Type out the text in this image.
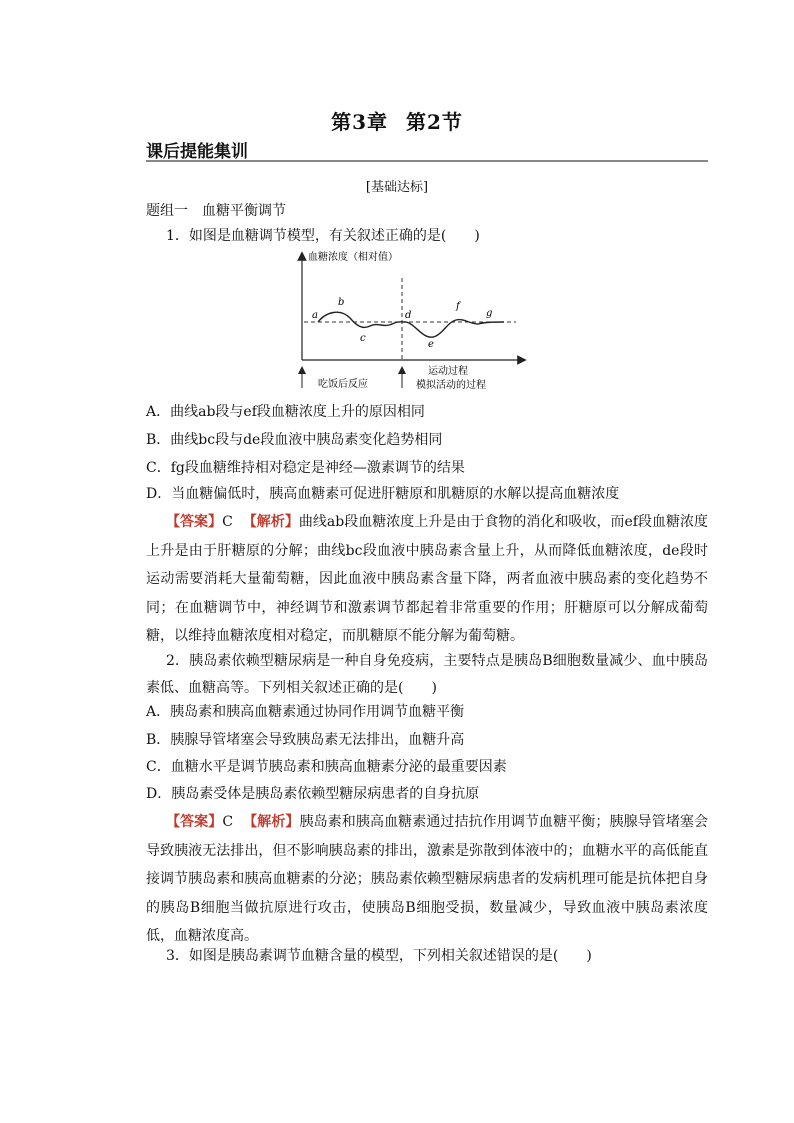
第3章 第2节
课后提能集训
[基础达标]
题组一 血糖平衡调节
1．如图是血糖调节模型，有关叙述正确的是(　　)
血糖浓度（相对值）
a
b
c
d
e
f
g
吃饭后反应
运动过程
模拟活动的过程
A．曲线ab段与ef段血糖浓度上升的原因相同
B．曲线bc段与de段血液中胰岛素变化趋势相同
C．fg段血糖维持相对稳定是神经—激素调节的结果
D．当血糖偏低时，胰高血糖素可促进肝糖原和肌糖原的水解以提高血糖浓度
【答案】C 【解析】曲线ab段血糖浓度上升是由于食物的消化和吸收，而ef段血糖浓度上升是由于肝糖原的分解；曲线bc段血液中胰岛素含量上升，从而降低血糖浓度，de段时运动需要消耗大量葡萄糖，因此血液中胰岛素含量下降，两者血液中胰岛素的变化趋势不同；在血糖调节中，神经调节和激素调节都起着非常重要的作用；肝糖原可以分解成葡萄糖，以维持血糖浓度相对稳定，而肌糖原不能分解为葡萄糖。
2．胰岛素依赖型糖尿病是一种自身免疫病，主要特点是胰岛B细胞数量减少、血中胰岛素低、血糖高等。下列相关叙述正确的是(　　)
A．胰岛素和胰高血糖素通过协同作用调节血糖平衡
B．胰腺导管堵塞会导致胰岛素无法排出，血糖升高
C．血糖水平是调节胰岛素和胰高血糖素分泌的最重要因素
D．胰岛素受体是胰岛素依赖型糖尿病患者的自身抗原
【答案】C 【解析】胰岛素和胰高血糖素通过拮抗作用调节血糖平衡；胰腺导管堵塞会导致胰液无法排出，但不影响胰岛素的排出，激素是弥散到体液中的；血糖水平的高低能直接调节胰岛素和胰高血糖素的分泌；胰岛素依赖型糖尿病患者的发病机理可能是抗体把自身的胰岛B细胞当做抗原进行攻击，使胰岛B细胞受损，数量减少，导致血液中胰岛素浓度低，血糖浓度高。
3．如图是胰岛素调节血糖含量的模型，下列相关叙述错误的是(　　)
